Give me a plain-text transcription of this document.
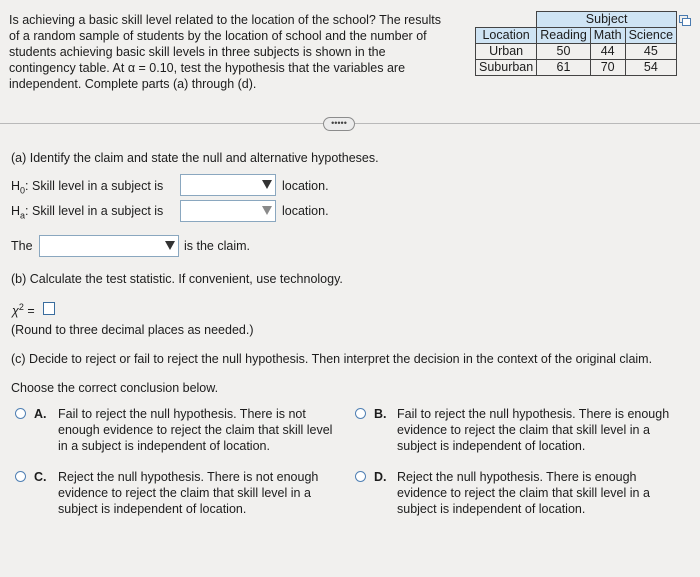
Is achieving a basic skill level related to the location of the school? The results
of a random sample of students by the location of school and the number of
students achieving basic skill levels in three subjects is shown in the
contingency table. At α = 0.10, test the hypothesis that the variables are
independent. Complete parts (a) through (d).
	Subject		
Location	Reading	Math	Science
Urban	50	44	45
Suburban	61	70	54
•••••
(a) Identify the claim and state the null and alternative hypotheses.
$H_0$: Skill level in a subject is	location.
$H_a$: Skill level in a subject is	location.
The	is the claim.
(b) Calculate the test statistic. If convenient, use technology.
$\chi^2$ =
(Round to three decimal places as needed.)
(c) Decide to reject or fail to reject the null hypothesis. Then interpret the decision in the context of the original claim.
Choose the correct conclusion below.
A. Fail to reject the null hypothesis. There is not
enough evidence to reject the claim that skill level
in a subject is independent of location.
B. Fail to reject the null hypothesis. There is enough
evidence to reject the claim that skill level in a
subject is independent of location.
C. Reject the null hypothesis. There is not enough
evidence to reject the claim that skill level in a
subject is independent of location.
D. Reject the null hypothesis. There is enough
evidence to reject the claim that skill level in a
subject is independent of location.
